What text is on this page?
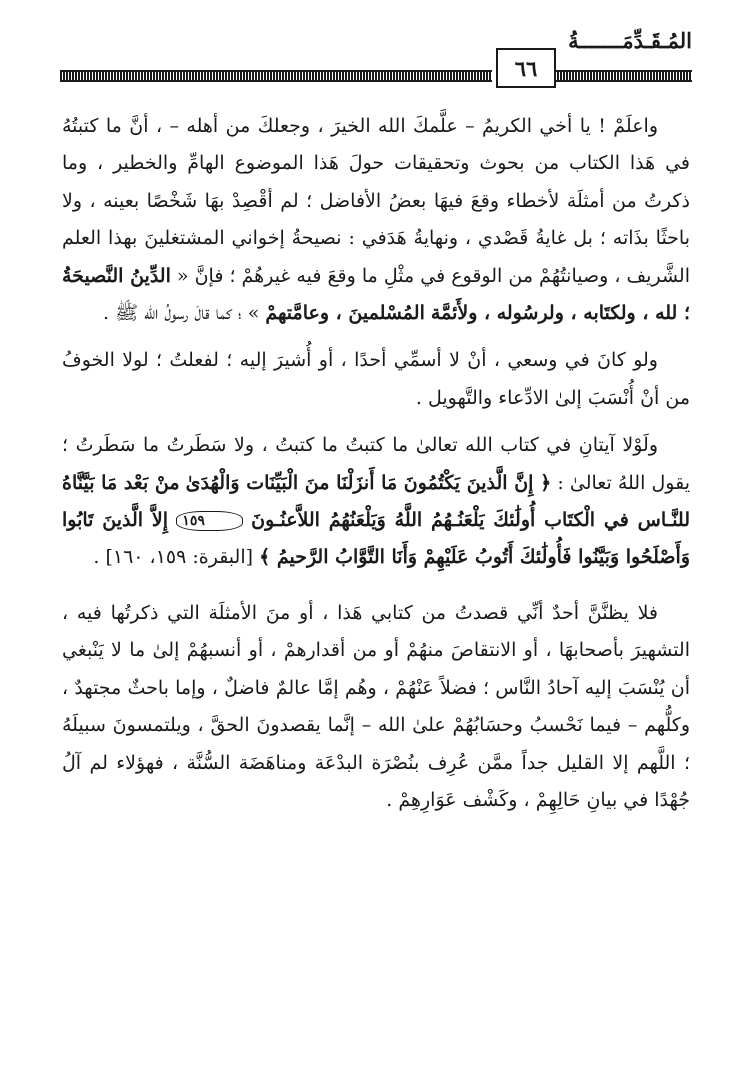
المُـقَـدِّمَـــــــةُ
٦٦
واعلَمْ ! يا أخي الكريمُ – علَّمكَ الله الخيرَ ، وجعلكَ من أهله – ، أنَّ ما كتبتُهُ في هَذا الكتاب من بحوث وتحقيقات حولَ هَذا الموضوع الهامِّ والخطير ، وما ذكرتُ من أمثلَة لأخطاء وقعَ فيهَا بعضُ الأفاضل ؛ لم أقْصِدْ بهَا شَخْصًا بعينه ، ولا باحثًا بذَاته ؛ بل غايةُ قَصْدي ، ونهايةُ هَدَفي : نصيحةُ إخواني المشتغلينَ بهذا العلم الشَّريف ، وصيانتُهُمْ من الوقوع في مثْلِ ما وقعَ فيه غيرهُمْ ؛ فإنَّ « الدِّينُ النَّصيحَةُ ؛ لله ، ولكتَابه ، ولرسُوله ، ولأَئمَّة المُسْلمينَ ، وعامَّتهمْ » ؛ كما قالَ رسولُ الله ﷺ .
ولو كانَ في وسعي ، أنْ لا أسمِّي أحدًا ، أو أُشيرَ إليه ؛ لفعلتُ ؛ لولا الخوفُ من أنْ أُنْسَبَ إلىٰ الادِّعاء والتَّهويل .
ولَوْلا آيتانِ في كتاب الله تعالىٰ ما كتبتُ ما كتبتُ ، ولا سَطَرتُ ما سَطَرتُ ؛ يقول اللهُ تعالىٰ : ﴿ إِنَّ الَّذينَ يَكْتُمُونَ مَا أَنزَلْنَا منَ الْبَيِّنَات وَالْهُدَىٰ منْ بَعْد مَا بَيَّنَّاهُ للنَّـاس في الْكتَاب أُولَٰئكَ يَلْعَنُـهُمُ اللَّهُ وَيَلْعَنُهُمُ اللاَّعنُـونَ ١٥٩ إِلاَّ الَّذينَ تَابُوا وَأَصْلَحُوا وَبَيَّنُوا فَأُولَٰئكَ أَتُوبُ عَلَيْهِمْ وَأَنَا التَّوَّابُ الرَّحيمُ ﴾ [البقرة: ١٥٩، ١٦٠] .
فلا يظنَّنَّ أحدٌ أنِّي قصدتُ من كتابي هَذا ، أو منَ الأمثلَة التي ذكرتُها فيه ، التشهيرَ بأصحابهَا ، أو الانتقاصَ منهُمْ أو من أقدارهمْ ، أو أنسبهُمْ إلىٰ ما لا يَنْبغي أن يُنْسَبَ إليه آحادُ النَّاس ؛ فضلاً عَنْهُمْ ، وهُم إمَّا عالمٌ فاضلٌ ، وإما باحثٌ مجتهدٌ ، وكلُّهم – فيما نَحْسبُ وحسَابُهُمْ علىٰ الله – إنَّما يقصدونَ الحقَّ ، ويلتمسونَ سبيلَهُ ؛ اللَّهم إلا القليل جداً ممَّن عُرِف بنُصْرَة البدْعَة ومناهَضَة السُّنَّة ، فهؤلاء لم آلُ جُهْدًا في بيانِ حَالِهِمْ ، وكَشْف عَوَارِهِمْ .
